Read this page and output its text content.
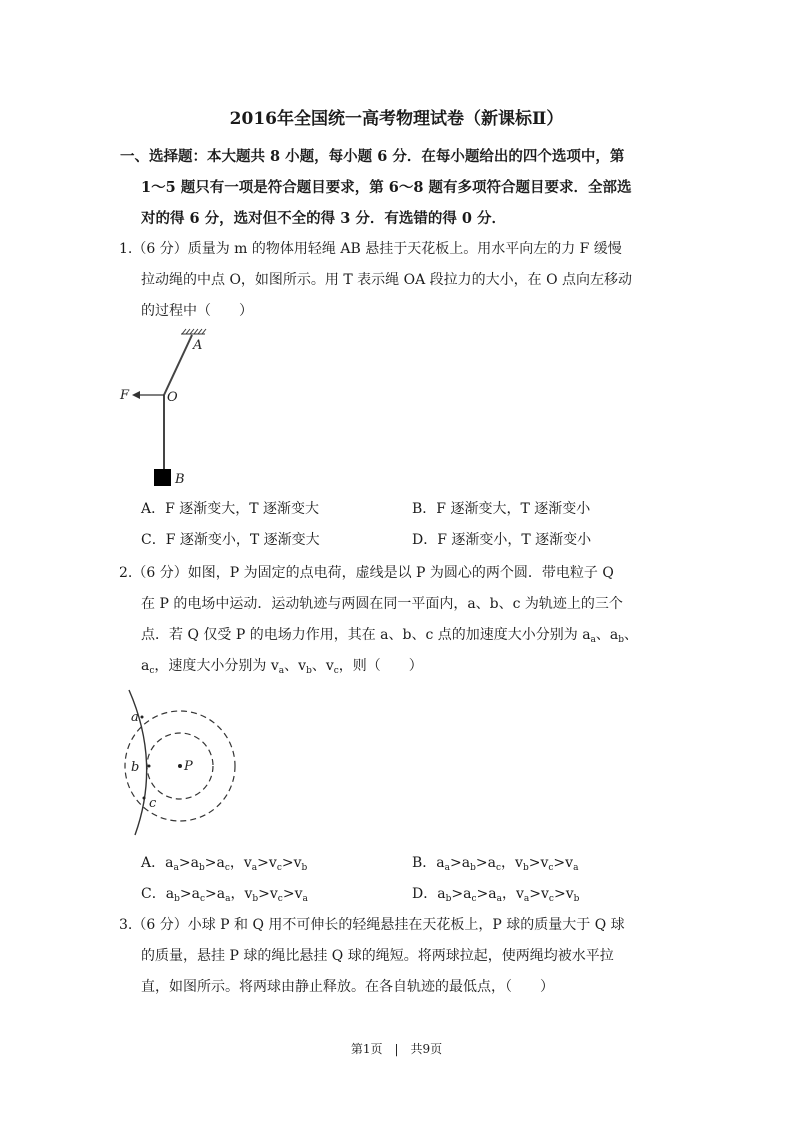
2016年全国统一高考物理试卷（新课标Ⅱ）
一、选择题：本大题共 8 小题，每小题 6 分．在每小题给出的四个选项中，第
1～5 题只有一项是符合题目要求，第 6～8 题有多项符合题目要求．全部选
对的得 6 分，选对但不全的得 3 分．有选错的得 0 分．
1.（6 分）质量为 m 的物体用轻绳 AB 悬挂于天花板上。用水平向左的力 F 缓慢
拉动绳的中点 O，如图所示。用 T 表示绳 OA 段拉力的大小，在 O 点向左移动
的过程中（　　）
A
O
F
B
A．F 逐渐变大，T 逐渐变大	B．F 逐渐变大，T 逐渐变小
C．F 逐渐变小，T 逐渐变大	D．F 逐渐变小，T 逐渐变小
2.（6 分）如图，P 为固定的点电荷，虚线是以 P 为圆心的两个圆．带电粒子 Q
在 P 的电场中运动．运动轨迹与两圆在同一平面内，a、b、c 为轨迹上的三个
点．若 Q 仅受 P 的电场力作用，其在 a、b、c 点的加速度大小分别为 $a_a$、$a_b$、
$a_c$，速度大小分别为 $v_a$、$v_b$、$v_c$，则（　　）
a
b
c
P
A．$a_a>a_b>a_c$，$v_a>v_c>v_b$	B．$a_a>a_b>a_c$，$v_b>v_c>v_a$
C．$a_b>a_c>a_a$，$v_b>v_c>v_a$	D．$a_b>a_c>a_a$，$v_a>v_c>v_b$
3.（6 分）小球 P 和 Q 用不可伸长的轻绳悬挂在天花板上，P 球的质量大于 Q 球
的质量，悬挂 P 球的绳比悬挂 Q 球的绳短。将两球拉起，使两绳均被水平拉
直，如图所示。将两球由静止释放。在各自轨迹的最低点，（　　）
第1页　|　共9页
